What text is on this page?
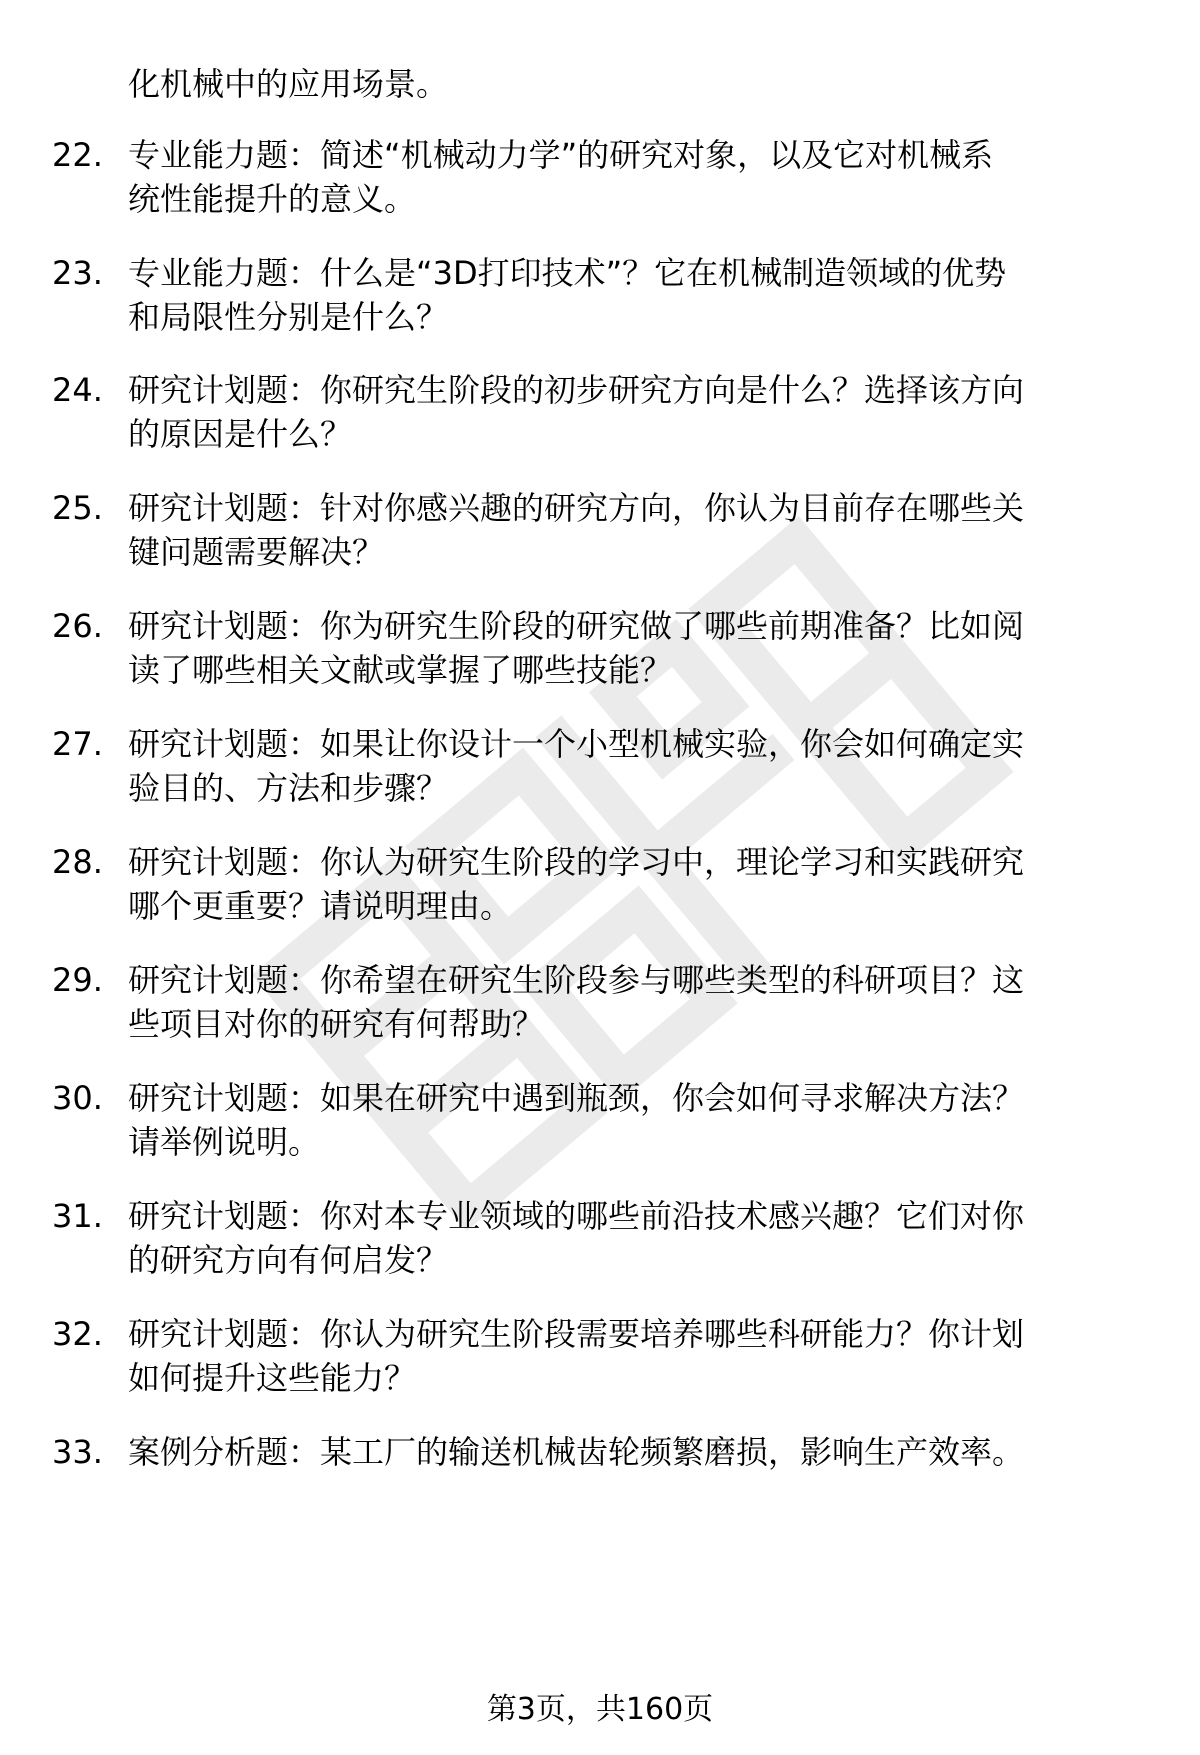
化机械中的应用场景。
22. 专业能力题：简述“机械动力学”的研究对象，以及它对机械系
统性能提升的意义。
23. 专业能力题：什么是“3D打印技术”？它在机械制造领域的优势
和局限性分别是什么？
24. 研究计划题：你研究生阶段的初步研究方向是什么？选择该方向
的原因是什么？
25. 研究计划题：针对你感兴趣的研究方向，你认为目前存在哪些关
键问题需要解决？
26. 研究计划题：你为研究生阶段的研究做了哪些前期准备？比如阅
读了哪些相关文献或掌握了哪些技能？
27. 研究计划题：如果让你设计一个小型机械实验，你会如何确定实
验目的、方法和步骤？
28. 研究计划题：你认为研究生阶段的学习中，理论学习和实践研究
哪个更重要？请说明理由。
29. 研究计划题：你希望在研究生阶段参与哪些类型的科研项目？这
些项目对你的研究有何帮助？
30. 研究计划题：如果在研究中遇到瓶颈，你会如何寻求解决方法？
请举例说明。
31. 研究计划题：你对本专业领域的哪些前沿技术感兴趣？它们对你
的研究方向有何启发？
32. 研究计划题：你认为研究生阶段需要培养哪些科研能力？你计划
如何提升这些能力？
33. 案例分析题：某工厂的输送机械齿轮频繁磨损，影响生产效率。
第3页，共160页
